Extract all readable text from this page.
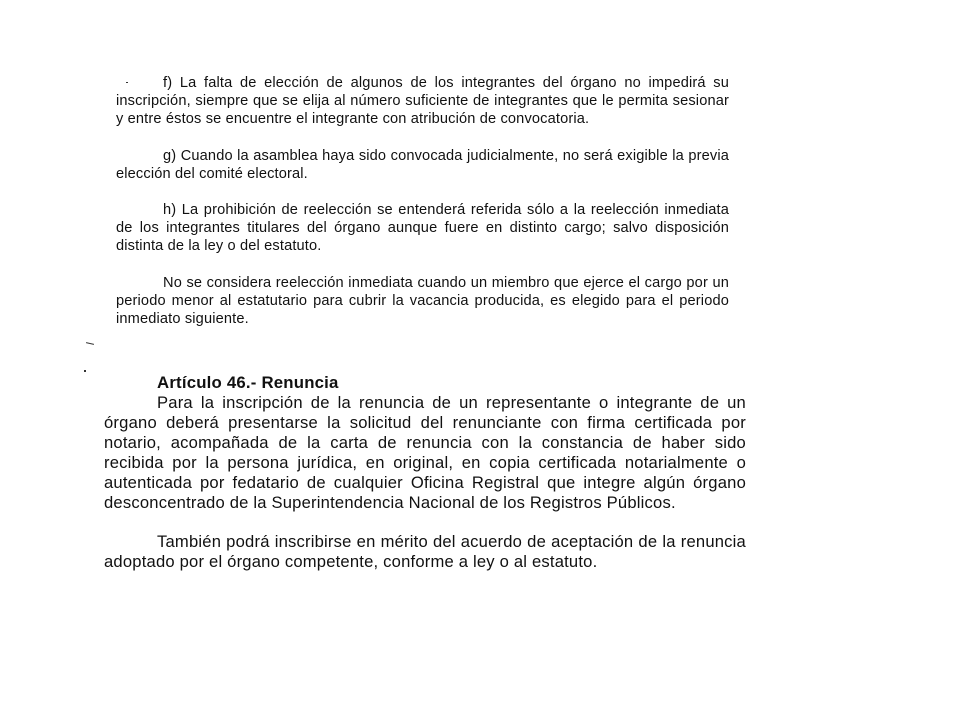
f) La falta de elección de algunos de los integrantes del órgano no impedirá su inscripción, siempre que se elija al número suficiente de integrantes que le permita sesionar y entre éstos se encuentre el integrante con atribución de convocatoria.

g) Cuando la asamblea haya sido convocada judicialmente, no será exigible la previa elección del comité electoral.

h) La prohibición de reelección se entenderá referida sólo a la reelección inmediata de los integrantes titulares del órgano aunque fuere en distinto cargo; salvo disposición distinta de la ley o del estatuto.

No se considera reelección inmediata cuando un miembro que ejerce el cargo por un periodo menor al estatutario para cubrir la vacancia producida, es elegido para el periodo inmediato siguiente.

Artículo 46.- Renuncia

Para la inscripción de la renuncia de un representante o integrante de un órgano deberá presentarse la solicitud del renunciante con firma certificada por notario, acompañada de la carta de renuncia con la constancia de haber sido recibida por la persona jurídica, en original, en copia certificada notarialmente o autenticada por fedatario de cualquier Oficina Registral que integre algún órgano desconcentrado de la Superintendencia Nacional de los Registros Públicos.

También podrá inscribirse en mérito del acuerdo de aceptación de la renuncia adoptado por el órgano competente, conforme a ley o al estatuto.
